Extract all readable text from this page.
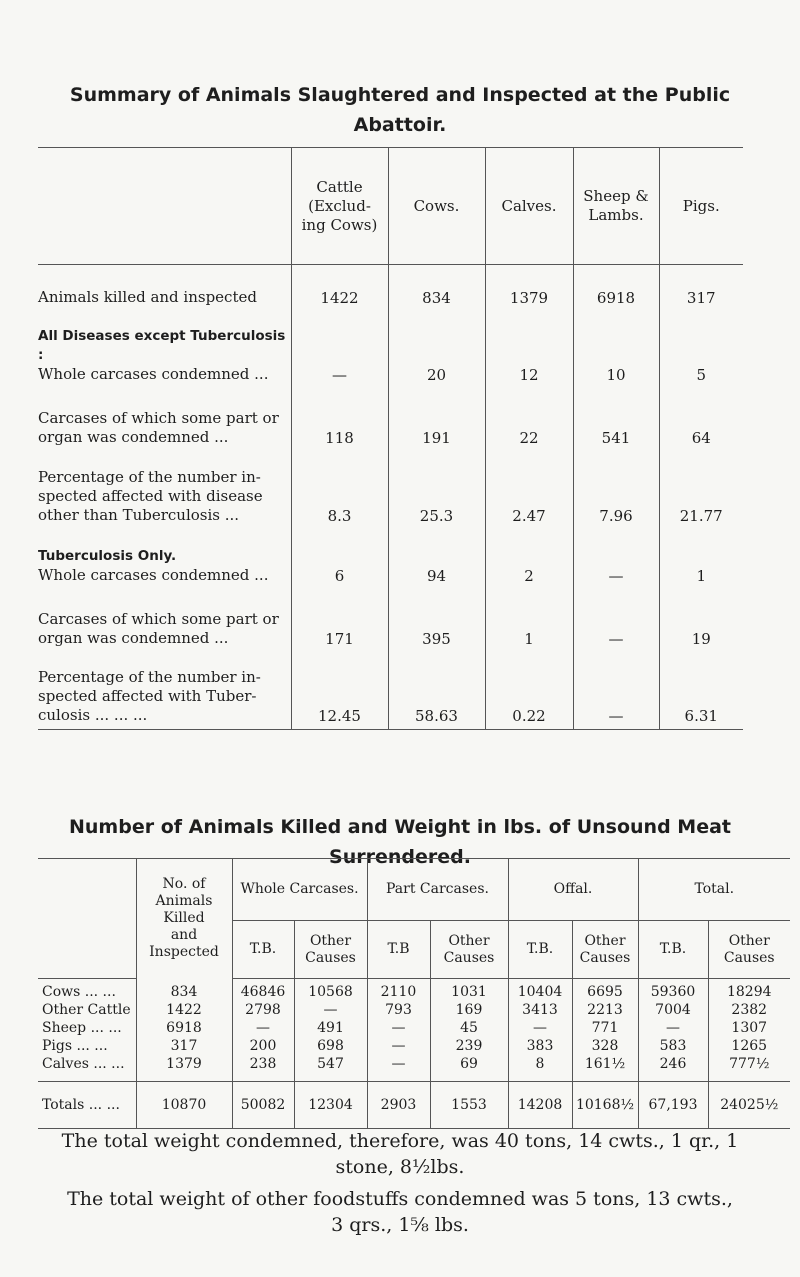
Summary of Animals Slaughtered and Inspected at the Public Abattoir.
	Cattle
(Exclud-
ing Cows)	Cows.	Calves.	Sheep &
Lambs.	Pigs.
Animals killed and inspected	1422	834	1379	6918	317

All Diseases except Tuberculosis :
Whole carcases condemned ...	—	20	12	10	5
Carcases of which some part or organ was condemned ...	118	191	22	541	64
Percentage of the number in- spected affected with disease other than Tuberculosis ...	8.3	25.3	2.47	7.96	21.77

Tuberculosis Only.
Whole carcases condemned ...	6	94	2	—	1
Carcases of which some part or organ was condemned ...	171	395	1	—	19
Percentage of the number in- spected affected with Tuber- culosis ... ... ...	12.45	58.63	0.22	—	6.31
Number of Animals Killed and Weight in lbs. of Unsound Meat Surrendered.
	No. of
Animals
Killed
and
Inspected	Whole Carcases.		Part Carcases.		Offal.		Total.	
		T.B.	Other Causes	T.B	Other Causes	T.B.	Other Causes	T.B.	Other Causes
Cows ... ...	834	46846	10568	2110	1031	10404	6695	59360	18294
Other Cattle	1422	2798	—	793	169	3413	2213	7004	2382
Sheep ... ...	6918	—	491	—	45	—	771	—	1307
Pigs ... ...	317	200	698	—	239	383	328	583	1265
Calves ... ...	1379	238	547	—	69	8	161½	246	777½
Totals ... ...	10870	50082	12304	2903	1553	14208	10168½	67,193	24025½
The total weight condemned, therefore, was 40 tons, 14 cwts., 1 qr., 1 stone, 8½lbs.
The total weight of other foodstuffs condemned was 5 tons, 13 cwts., 3 qrs., 1⅝ lbs.
